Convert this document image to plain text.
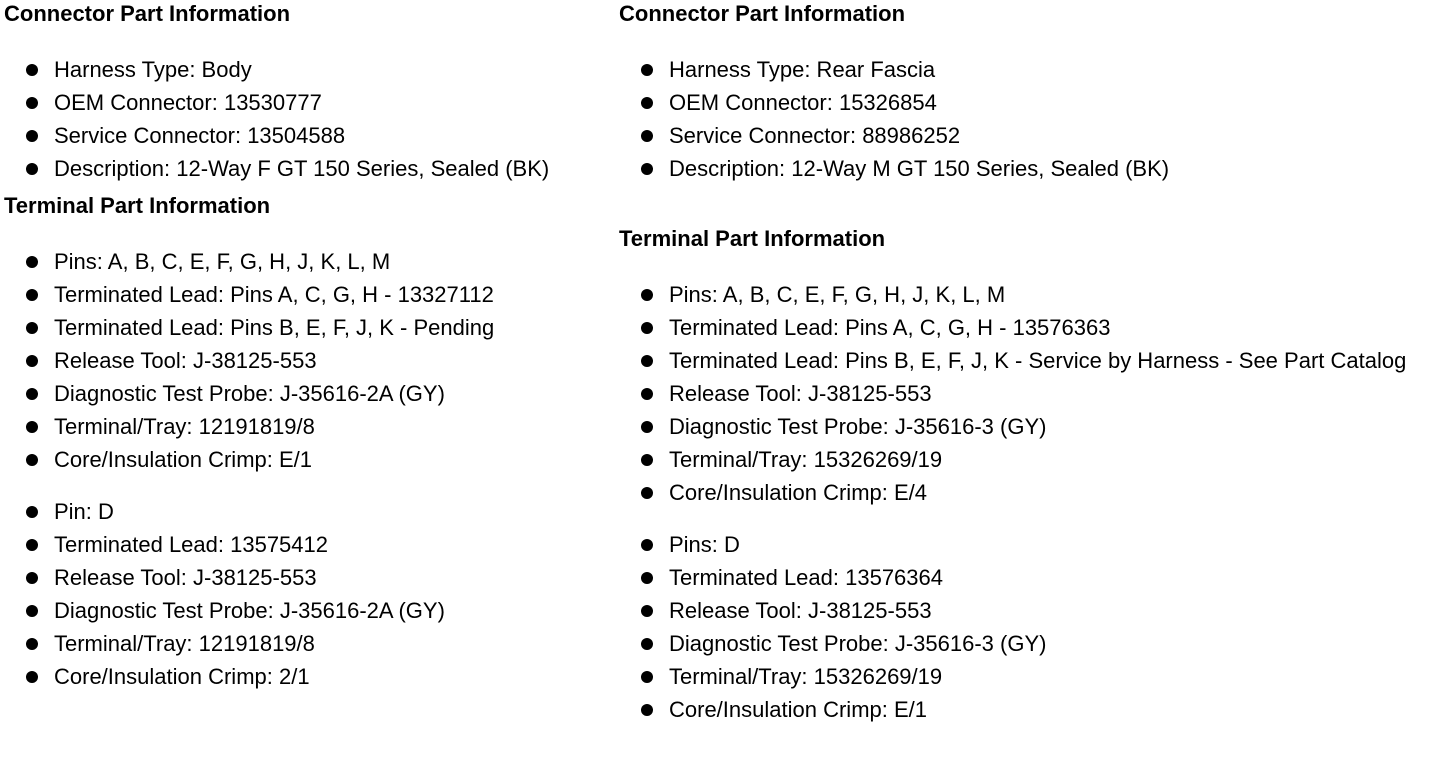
Connector Part Information
Harness Type: Body
OEM Connector: 13530777
Service Connector: 13504588
Description: 12-Way F GT 150 Series, Sealed (BK)
Terminal Part Information
Pins: A, B, C, E, F, G, H, J, K, L, M
Terminated Lead: Pins A, C, G, H - 13327112
Terminated Lead: Pins B, E, F, J, K - Pending
Release Tool: J-38125-553
Diagnostic Test Probe: J-35616-2A (GY)
Terminal/Tray: 12191819/8
Core/Insulation Crimp: E/1
Pin: D
Terminated Lead: 13575412
Release Tool: J-38125-553
Diagnostic Test Probe: J-35616-2A (GY)
Terminal/Tray: 12191819/8
Core/Insulation Crimp: 2/1
Connector Part Information
Harness Type: Rear Fascia
OEM Connector: 15326854
Service Connector: 88986252
Description: 12-Way M GT 150 Series, Sealed (BK)
Terminal Part Information
Pins: A, B, C, E, F, G, H, J, K, L, M
Terminated Lead: Pins A, C, G, H - 13576363
Terminated Lead: Pins B, E, F, J, K - Service by Harness - See Part Catalog
Release Tool: J-38125-553
Diagnostic Test Probe: J-35616-3 (GY)
Terminal/Tray: 15326269/19
Core/Insulation Crimp: E/4
Pins: D
Terminated Lead: 13576364
Release Tool: J-38125-553
Diagnostic Test Probe: J-35616-3 (GY)
Terminal/Tray: 15326269/19
Core/Insulation Crimp: E/1
